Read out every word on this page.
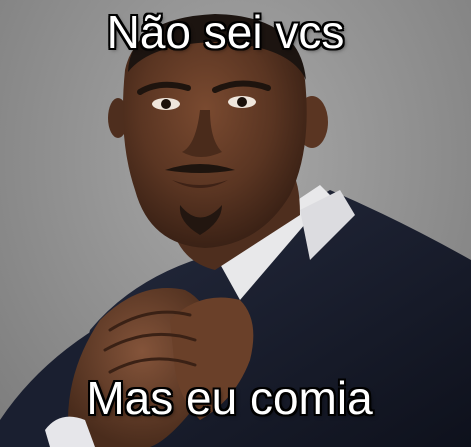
Não sei vcs
Mas eu comia
